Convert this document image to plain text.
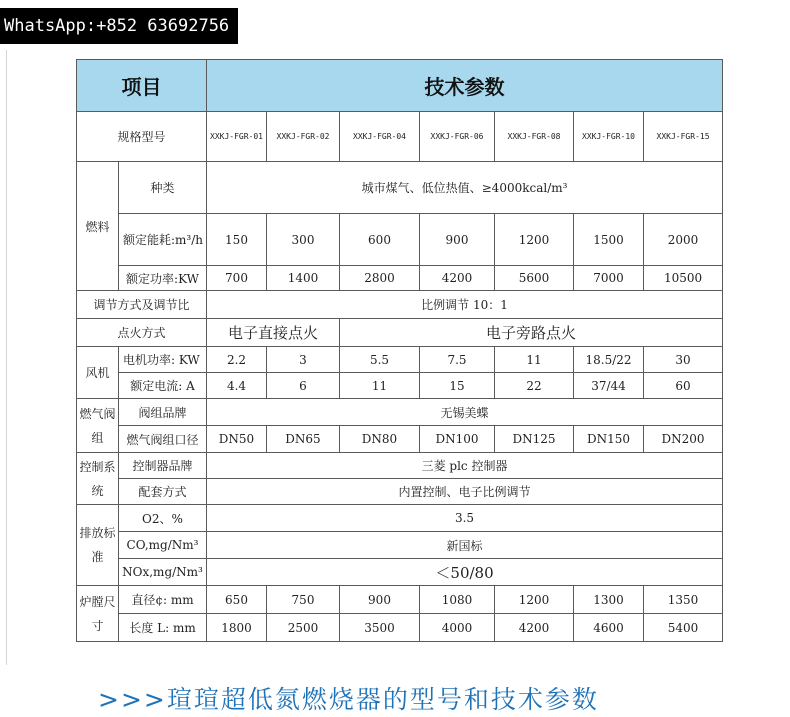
WhatsApp:+852 63692756
项目		技术参数						
规格型号		XXKJ-FGR-01	XXKJ-FGR-02	XXKJ-FGR-04	XXKJ-FGR-06	XXKJ-FGR-08	XXKJ-FGR-10	XXKJ-FGR-15
燃料	种类	城市煤气、低位热值、≥4000kcal/m³						
	额定能耗:m³/h	150	300	600	900	1200	1500	2000
	额定功率:KW	700	1400	2800	4200	5600	7000	10500
调节方式及调节比		比例调节 10：1						
点火方式		电子直接点火		电子旁路点火				
风机	电机功率: KW	2.2	3	5.5	7.5	11	18.5/22	30
	额定电流: A	4.4	6	11	15	22	37/44	60
燃气阀组	阀组品牌	无锡美蝶						
	燃气阀组口径	DN50	DN65	DN80	DN100	DN125	DN150	DN200
控制系统	控制器品牌	三菱 plc 控制器						
	配套方式	内置控制、电子比例调节						
排放标准	O2、%	3.5						
	CO,mg/Nm³	新国标						
	NOx,mg/Nm³	＜50/80						
炉膛尺寸	直径¢: mm	650	750	900	1080	1200	1300	1350
	长度 L: mm	1800	2500	3500	4000	4200	4600	5400
>>>瑄瑄超低氮燃烧器的型号和技术参数
